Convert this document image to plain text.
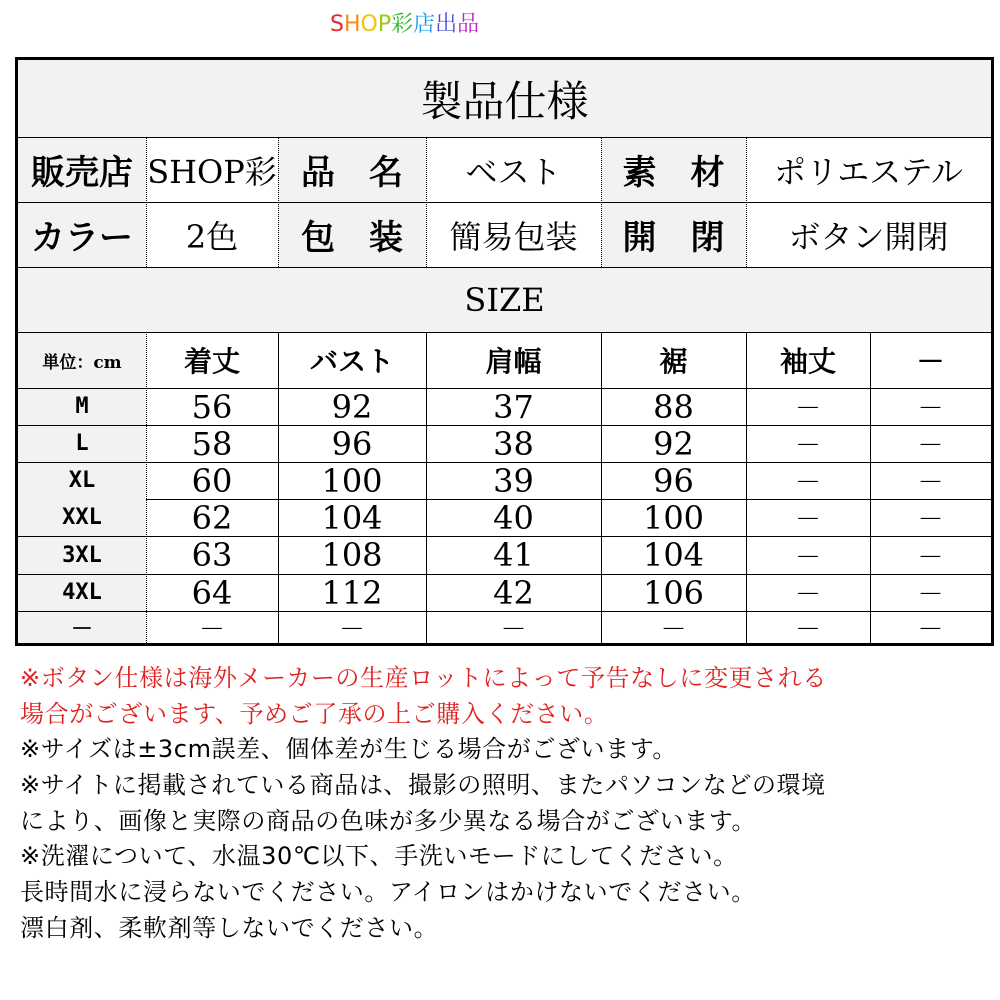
SHOP彩店出品
製品仕様
販売店 SHOP彩 品　名	ベスト	素　材	ポリエステル
カラー	2色	包　装	簡易包装	開　閉	ボタン開閉
SIZE
単位：cm	着丈	バスト	肩幅	裾	袖丈	－
M	56	92	37	88	－	－
L	58	96	38	92	－	－
XL	60	100	39	96	－	－
XXL	62	104	40	100	－	－
3XL	63	108	41	104	－	－
4XL	64	112	42	106	－	－
－	－	－	－	－	－	－
※ボタン仕様は海外メーカーの生産ロットによって予告なしに変更される
場合がございます、予めご了承の上ご購入ください。
※サイズは±3cm誤差、個体差が生じる場合がございます。
※サイトに掲載されている商品は、撮影の照明、またパソコンなどの環境
により、画像と実際の商品の色味が多少異なる場合がございます。
※洗濯について、水温30℃以下、手洗いモードにしてください。
長時間水に浸らないでください。アイロンはかけないでください。
漂白剤、柔軟剤等しないでください。
